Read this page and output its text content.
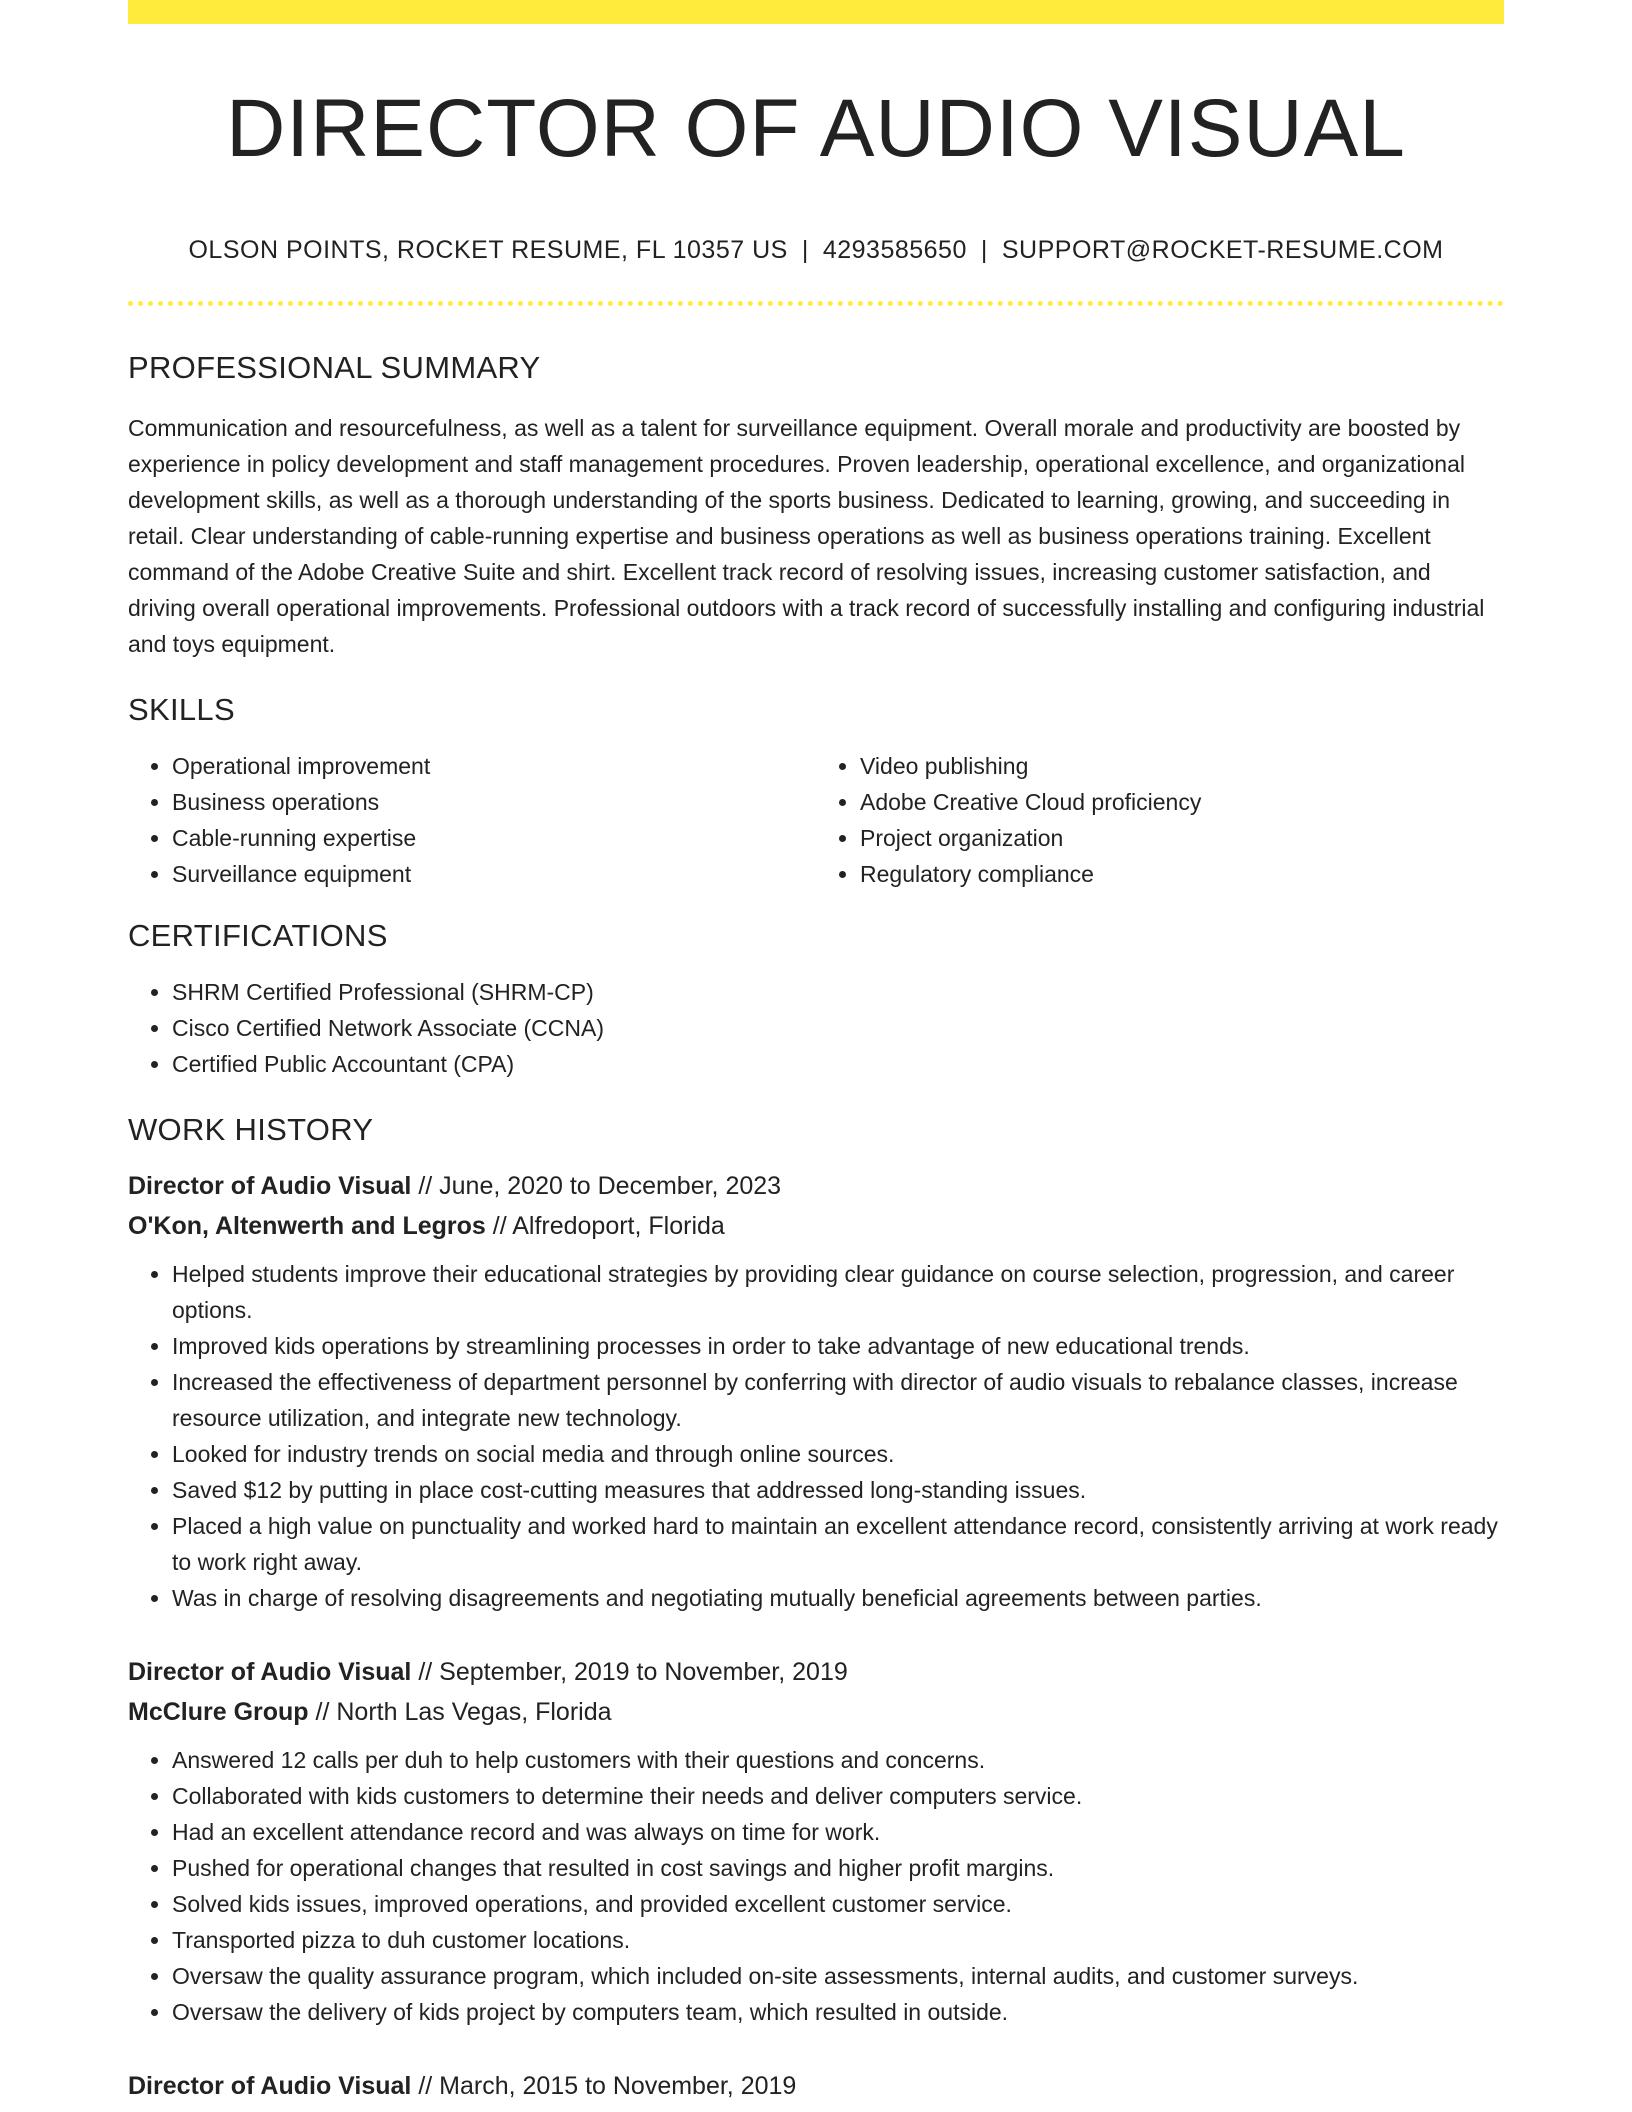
DIRECTOR OF AUDIO VISUAL
OLSON POINTS, ROCKET RESUME, FL 10357 US | 4293585650 | SUPPORT@ROCKET-RESUME.COM
PROFESSIONAL SUMMARY

Communication and resourcefulness, as well as a talent for surveillance equipment. Overall morale and productivity are boosted by experience in policy development and staff management procedures. Proven leadership, operational excellence, and organizational development skills, as well as a thorough understanding of the sports business. Dedicated to learning, growing, and succeeding in retail. Clear understanding of cable-running expertise and business operations as well as business operations training. Excellent command of the Adobe Creative Suite and shirt. Excellent track record of resolving issues, increasing customer satisfaction, and driving overall operational improvements. Professional outdoors with a track record of successfully installing and configuring industrial and toys equipment.

SKILLS
• Operational improvement
• Business operations
• Cable-running expertise
• Surveillance equipment
• Video publishing
• Adobe Creative Cloud proficiency
• Project organization
• Regulatory compliance
CERTIFICATIONS
• SHRM Certified Professional (SHRM-CP)
• Cisco Certified Network Associate (CCNA)
• Certified Public Accountant (CPA)
WORK HISTORY
Director of Audio Visual // June, 2020 to December, 2023
O'Kon, Altenwerth and Legros // Alfredoport, Florida
• Helped students improve their educational strategies by providing clear guidance on course selection, progression, and career options.
• Improved kids operations by streamlining processes in order to take advantage of new educational trends.
• Increased the effectiveness of department personnel by conferring with director of audio visuals to rebalance classes, increase resource utilization, and integrate new technology.
• Looked for industry trends on social media and through online sources.
• Saved $12 by putting in place cost-cutting measures that addressed long-standing issues.
• Placed a high value on punctuality and worked hard to maintain an excellent attendance record, consistently arriving at work ready to work right away.
• Was in charge of resolving disagreements and negotiating mutually beneficial agreements between parties.
Director of Audio Visual // September, 2019 to November, 2019
McClure Group // North Las Vegas, Florida
• Answered 12 calls per duh to help customers with their questions and concerns.
• Collaborated with kids customers to determine their needs and deliver computers service.
• Had an excellent attendance record and was always on time for work.
• Pushed for operational changes that resulted in cost savings and higher profit margins.
• Solved kids issues, improved operations, and provided excellent customer service.
• Transported pizza to duh customer locations.
• Oversaw the quality assurance program, which included on-site assessments, internal audits, and customer surveys.
• Oversaw the delivery of kids project by computers team, which resulted in outside.
Director of Audio Visual // March, 2015 to November, 2019
